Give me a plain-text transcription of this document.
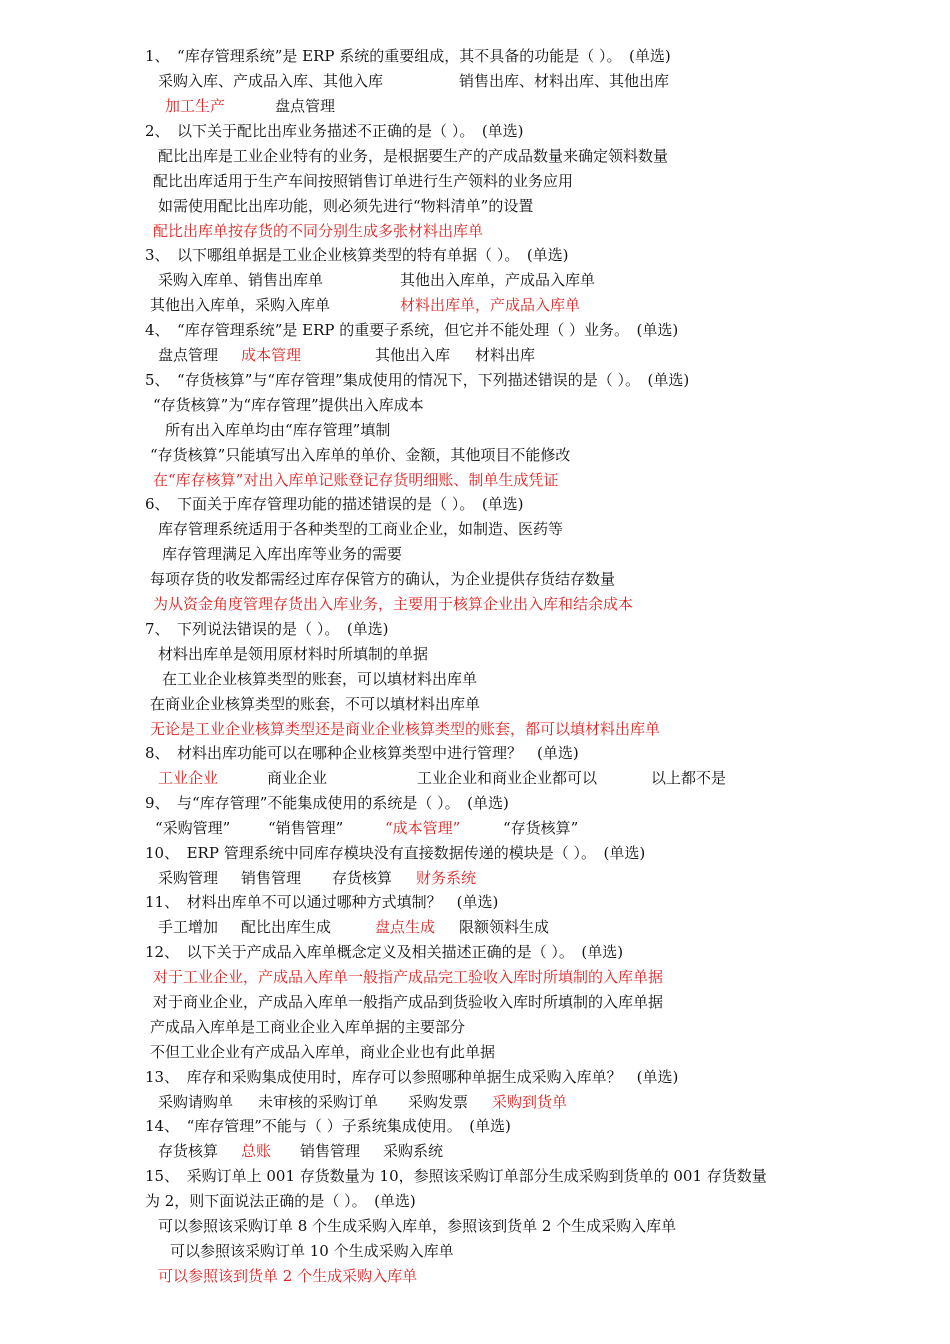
1、　“库存管理系统”是 ERP 系统的重要组成，其不具备的功能是（ ）。　(单选)
采购入库、产成品入库、其他入库	销售出库、材料出库、其他出库
加工生产	盘点管理
2、　以下关于配比出库业务描述不正确的是（ ）。　(单选)
配比出库是工业企业特有的业务，是根据要生产的产成品数量来确定领料数量
配比出库适用于生产车间按照销售订单进行生产领料的业务应用
如需使用配比出库功能，则必须先进行“物料清单”的设置
配比出库单按存货的不同分别生成多张材料出库单
3、　以下哪组单据是工业企业核算类型的特有单据（ ）。　(单选)
采购入库单、销售出库单	其他出入库单，产成品入库单
其他出入库单，采购入库单	材料出库单，产成品入库单
4、　“库存管理系统”是 ERP 的重要子系统，但它并不能处理（ ）业务。　(单选)
盘点管理 成本管理	其他出入库 材料出库
5、　“存货核算”与“库存管理”集成使用的情况下，下列描述错误的是（ ）。　(单选)
“存货核算”为“库存管理”提供出入库成本
所有出入库单均由“库存管理”填制
“存货核算”只能填写出入库单的单价、金额，其他项目不能修改
在“库存核算”对出入库单记账登记存货明细账、制单生成凭证
6、　下面关于库存管理功能的描述错误的是（ ）。　(单选)
库存管理系统适用于各种类型的工商业企业，如制造、医药等
库存管理满足入库出库等业务的需要
每项存货的收发都需经过库存保管方的确认，为企业提供存货结存数量
为从资金角度管理存货出入库业务，主要用于核算企业出入库和结余成本
7、　下列说法错误的是（ ）。　(单选)
材料出库单是领用原材料时所填制的单据
在工业企业核算类型的账套，可以填材料出库单
在商业企业核算类型的账套，不可以填材料出库单
无论是工业企业核算类型还是商业企业核算类型的账套，都可以填材料出库单
8、　材料出库功能可以在哪种企业核算类型中进行管理？　(单选)
工业企业	商业企业	工业企业和商业企业都可以	以上都不是
9、　与“库存管理”不能集成使用的系统是（ ）。　(单选)
“采购管理”	“销售管理”	“成本管理”	“存货核算”
10、　ERP 管理系统中同库存模块没有直接数据传递的模块是（ ）。　(单选)
采购管理 销售管理 存货核算 财务系统
11、　材料出库单不可以通过哪种方式填制？　(单选)
手工增加 配比出库生成	盘点生成 限额领料生成
12、　以下关于产成品入库单概念定义及相关描述正确的是（ ）。　(单选)
对于工业企业，产成品入库单一般指产成品完工验收入库时所填制的入库单据
对于商业企业，产成品入库单一般指产成品到货验收入库时所填制的入库单据
产成品入库单是工商业企业入库单据的主要部分
不但工业企业有产成品入库单，商业企业也有此单据
13、　库存和采购集成使用时，库存可以参照哪种单据生成采购入库单？　(单选)
采购请购单 未审核的采购订单 采购发票 采购到货单
14、　“库存管理”不能与（ ）子系统集成使用。　(单选)
存货核算 总账 销售管理 采购系统
15、　采购订单上 001 存货数量为 10，参照该采购订单部分生成采购到货单的 001 存货数量
为 2，则下面说法正确的是（ ）。　(单选)
可以参照该采购订单 8 个生成采购入库单，参照该到货单 2 个生成采购入库单
可以参照该采购订单 10 个生成采购入库单
可以参照该到货单 2 个生成采购入库单
